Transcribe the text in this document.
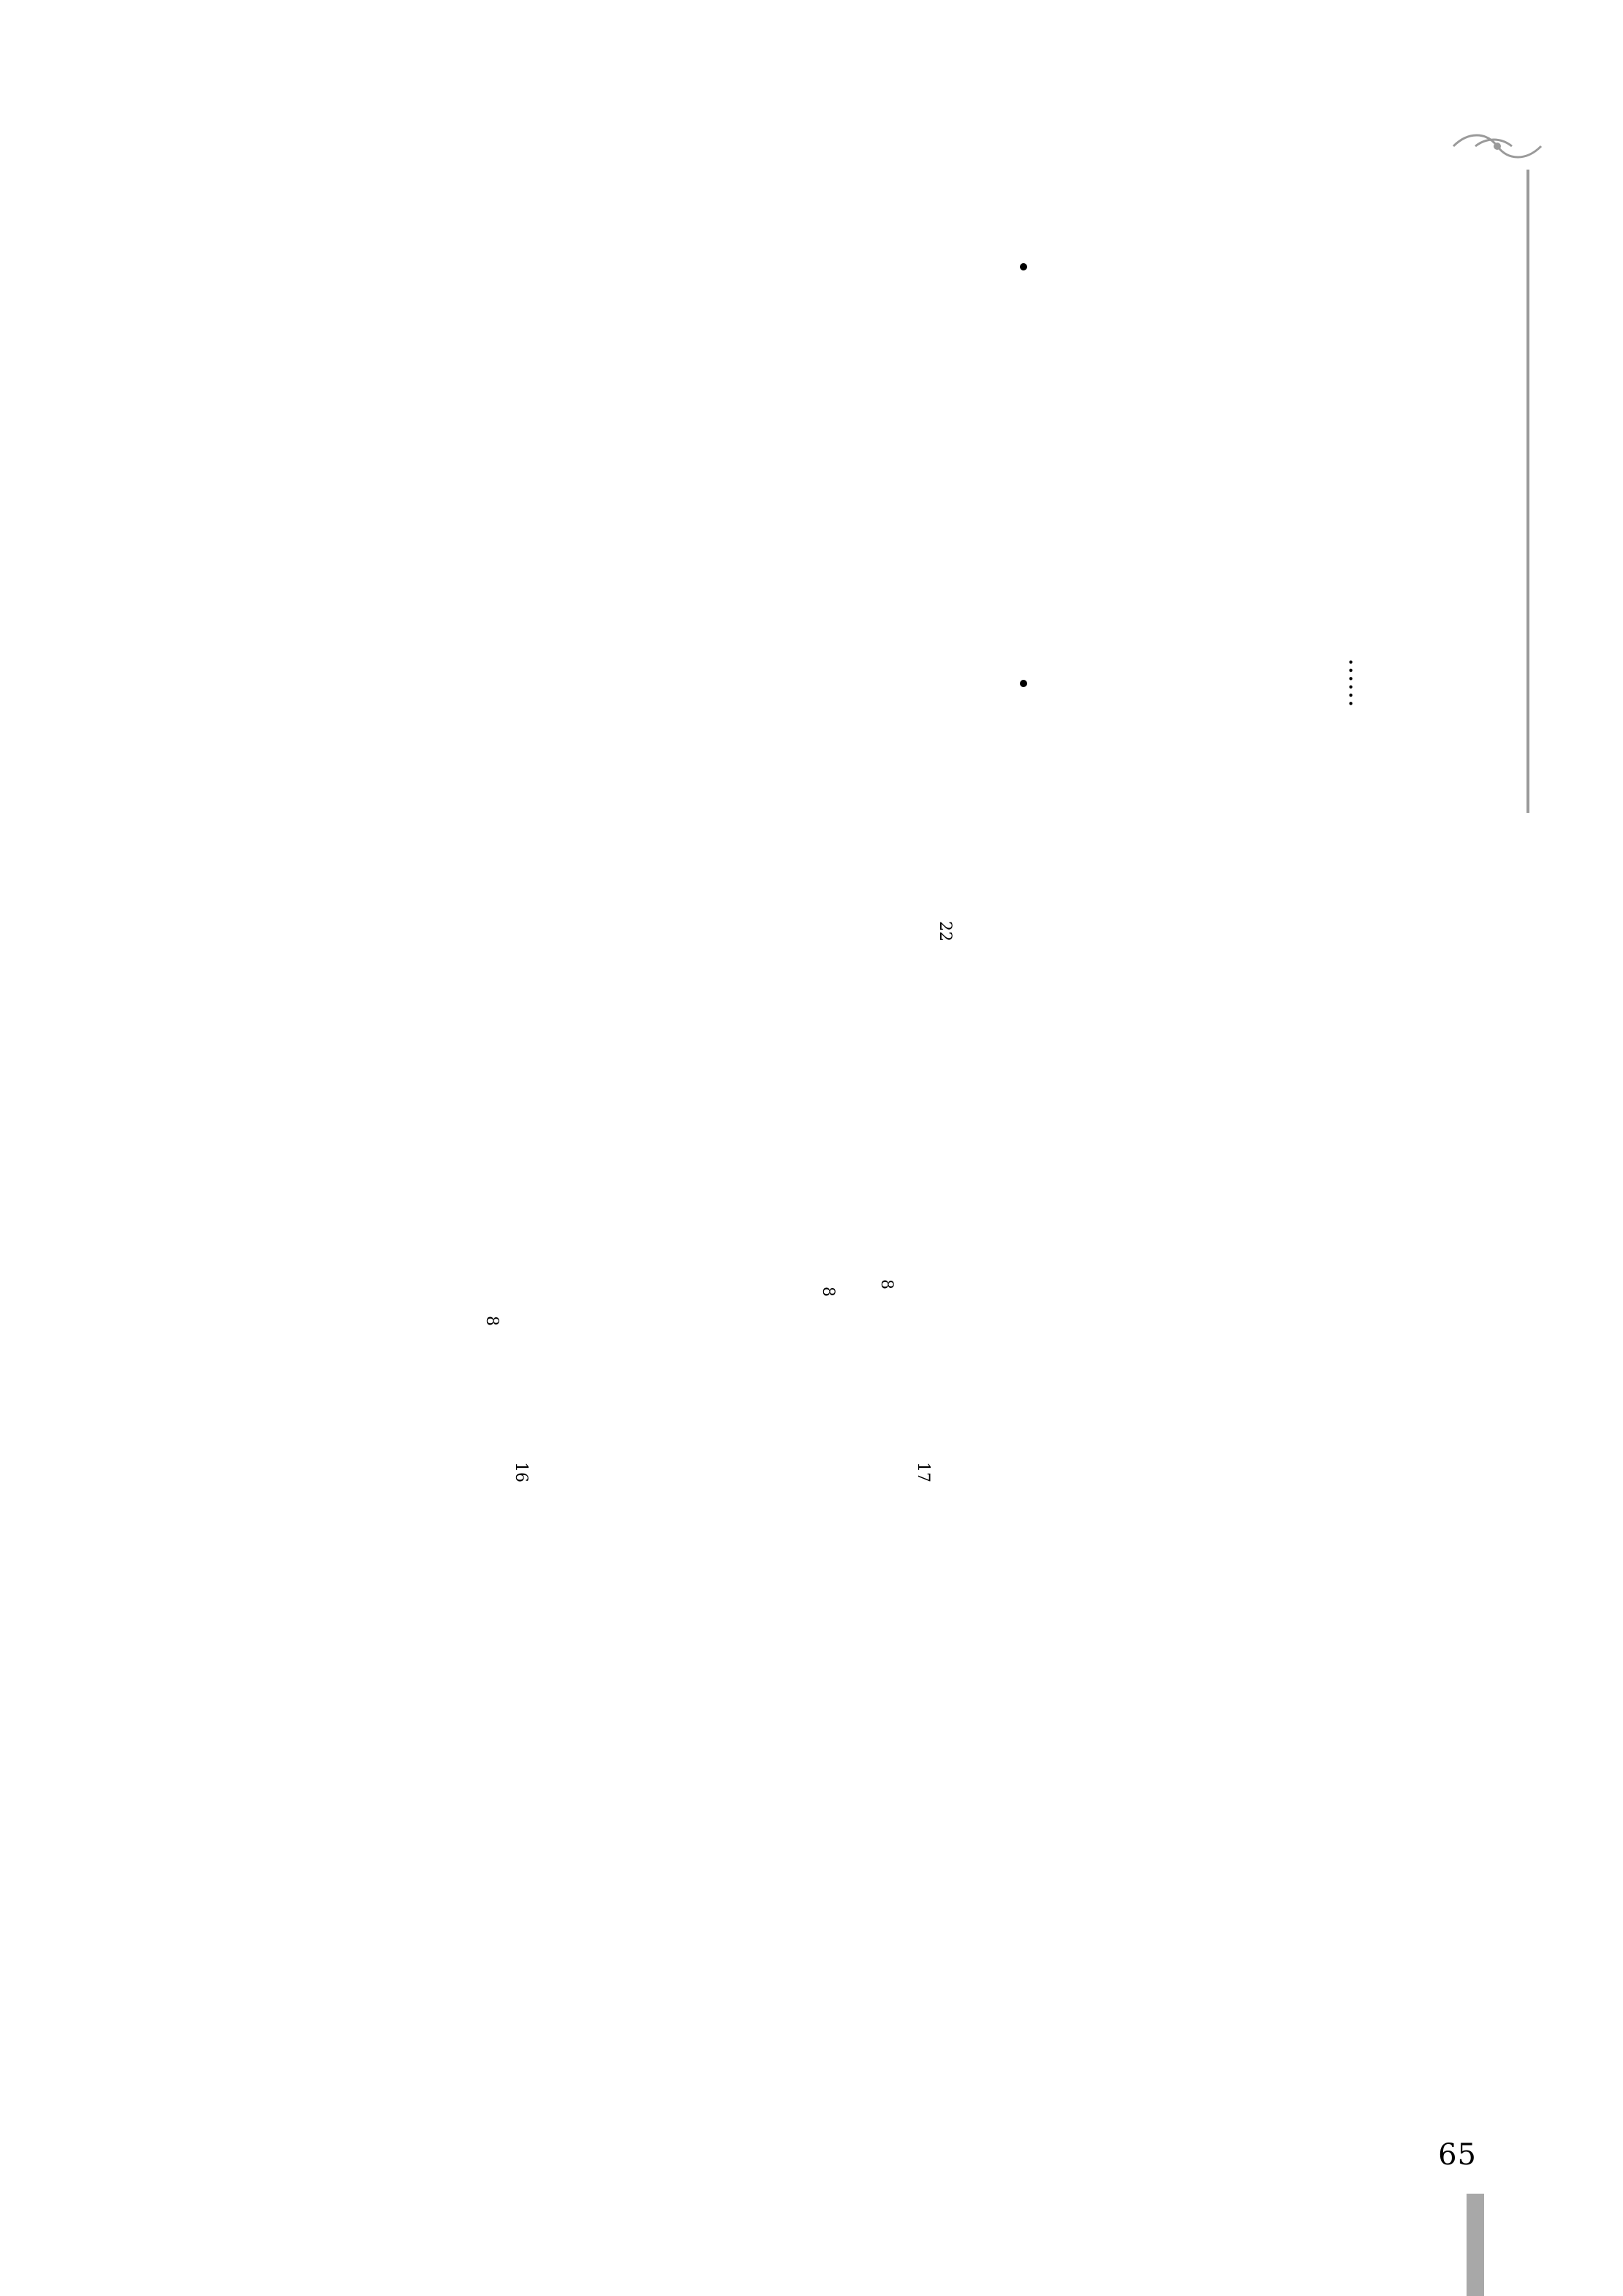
……
8
22
17
8
16
8
65
